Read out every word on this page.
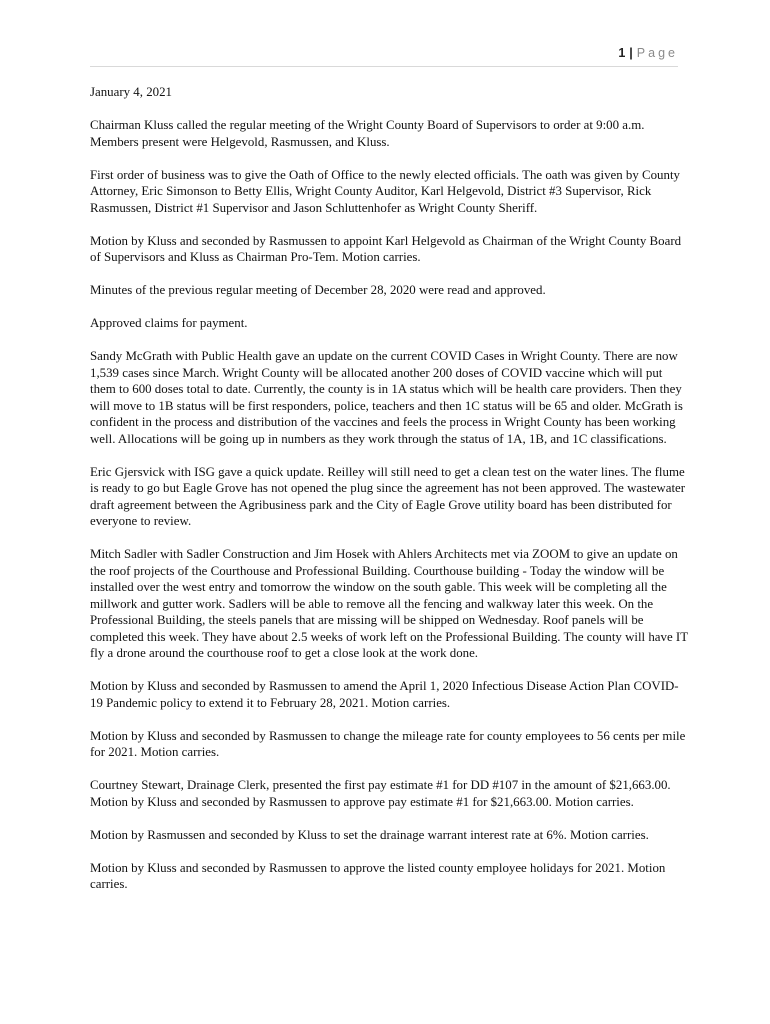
1 | Page

January 4, 2021

Chairman Kluss called the regular meeting of the Wright County Board of Supervisors to order at 9:00 a.m. Members present were Helgevold, Rasmussen, and Kluss.

First order of business was to give the Oath of Office to the newly elected officials. The oath was given by County Attorney, Eric Simonson to Betty Ellis, Wright County Auditor, Karl Helgevold, District #3 Supervisor, Rick Rasmussen, District #1 Supervisor and Jason Schluttenhofer as Wright County Sheriff.

Motion by Kluss and seconded by Rasmussen to appoint Karl Helgevold as Chairman of the Wright County Board of Supervisors and Kluss as Chairman Pro-Tem. Motion carries.

Minutes of the previous regular meeting of December 28, 2020 were read and approved.

Approved claims for payment.

Sandy McGrath with Public Health gave an update on the current COVID Cases in Wright County. There are now 1,539 cases since March. Wright County will be allocated another 200 doses of COVID vaccine which will put them to 600 doses total to date. Currently, the county is in 1A status which will be health care providers. Then they will move to 1B status will be first responders, police, teachers and then 1C status will be 65 and older. McGrath is confident in the process and distribution of the vaccines and feels the process in Wright County has been working well. Allocations will be going up in numbers as they work through the status of 1A, 1B, and 1C classifications.

Eric Gjersvick with ISG gave a quick update. Reilley will still need to get a clean test on the water lines. The flume is ready to go but Eagle Grove has not opened the plug since the agreement has not been approved. The wastewater draft agreement between the Agribusiness park and the City of Eagle Grove utility board has been distributed for everyone to review.

Mitch Sadler with Sadler Construction and Jim Hosek with Ahlers Architects met via ZOOM to give an update on the roof projects of the Courthouse and Professional Building. Courthouse building - Today the window will be installed over the west entry and tomorrow the window on the south gable. This week will be completing all the millwork and gutter work. Sadlers will be able to remove all the fencing and walkway later this week. On the Professional Building, the steels panels that are missing will be shipped on Wednesday. Roof panels will be completed this week. They have about 2.5 weeks of work left on the Professional Building. The county will have IT fly a drone around the courthouse roof to get a close look at the work done.

Motion by Kluss and seconded by Rasmussen to amend the April 1, 2020 Infectious Disease Action Plan COVID-19 Pandemic policy to extend it to February 28, 2021. Motion carries.

Motion by Kluss and seconded by Rasmussen to change the mileage rate for county employees to 56 cents per mile for 2021. Motion carries.

Courtney Stewart, Drainage Clerk, presented the first pay estimate #1 for DD #107 in the amount of $21,663.00. Motion by Kluss and seconded by Rasmussen to approve pay estimate #1 for $21,663.00. Motion carries.

Motion by Rasmussen and seconded by Kluss to set the drainage warrant interest rate at 6%. Motion carries.

Motion by Kluss and seconded by Rasmussen to approve the listed county employee holidays for 2021. Motion carries.
